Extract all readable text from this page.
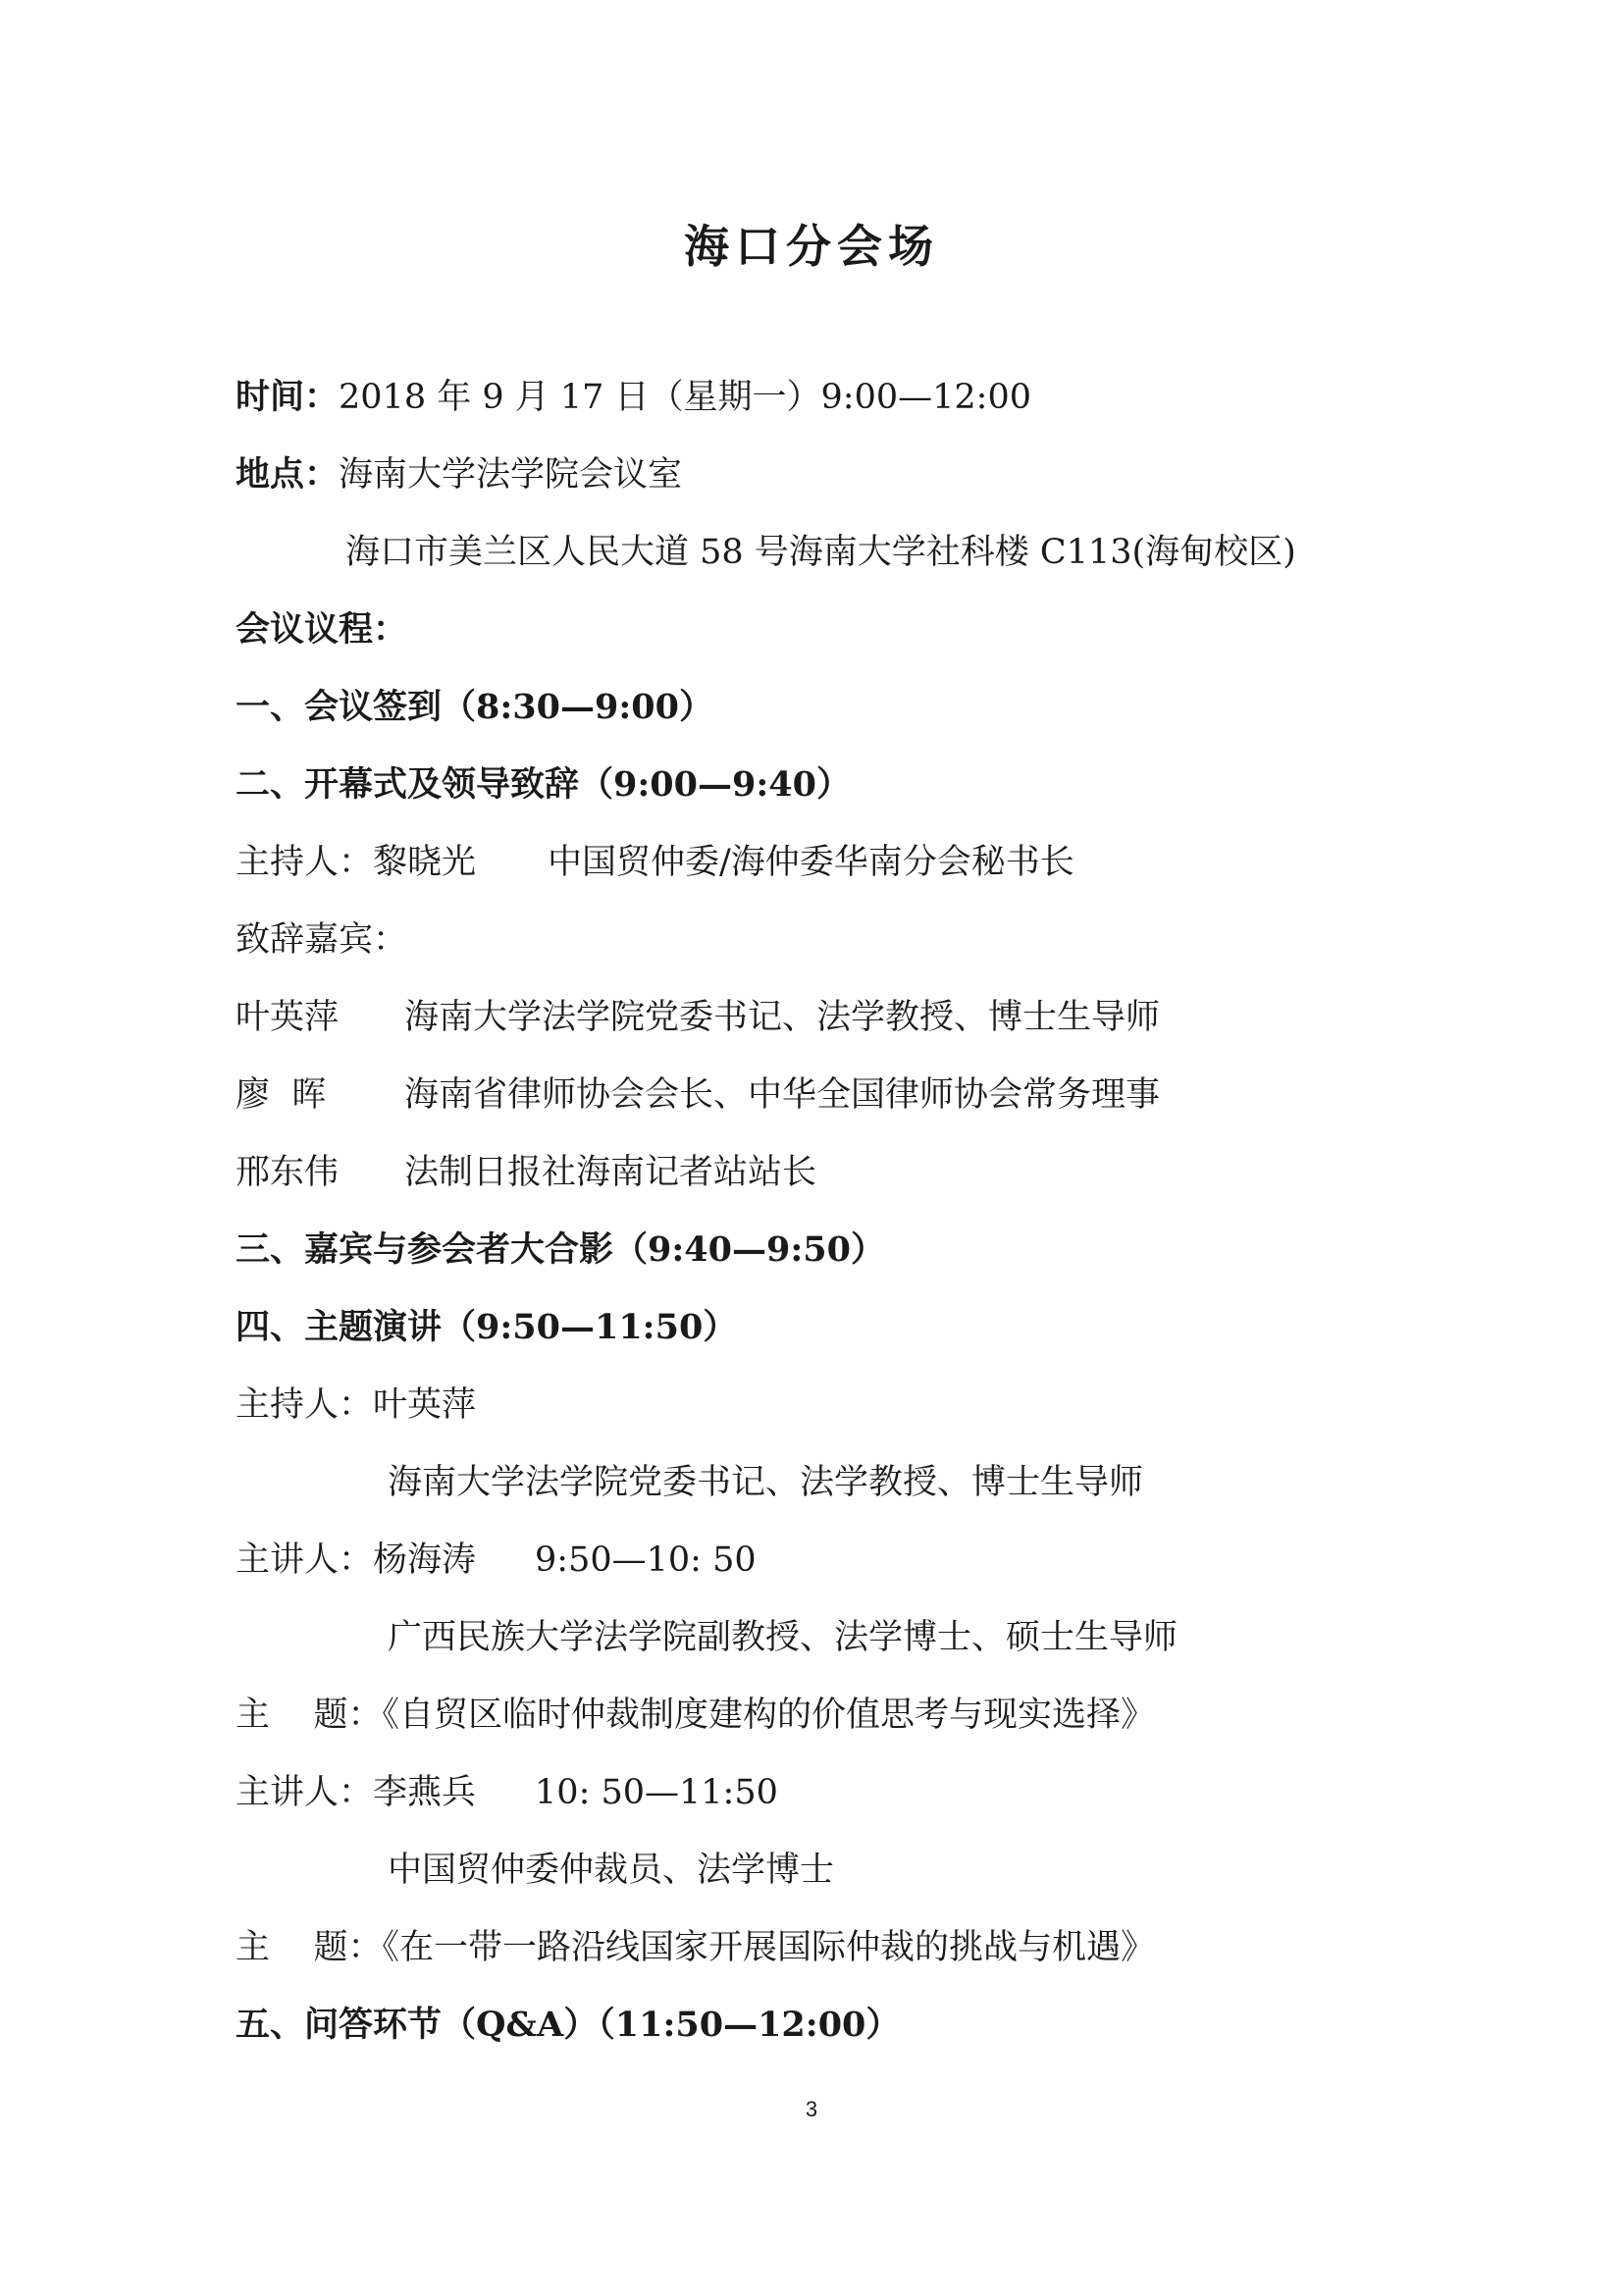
海口分会场
时间：2018 年 9 月 17 日（星期一）9:00—12:00
地点：海南大学法学院会议室
海口市美兰区人民大道 58 号海南大学社科楼 C113(海甸校区)
会议议程：
一、会议签到（8:30—9:00）
二、开幕式及领导致辞（9:00—9:40）
主持人：黎晓光 中国贸仲委/海仲委华南分会秘书长
致辞嘉宾：
叶英萍 海南大学法学院党委书记、法学教授、博士生导师
廖  晖 海南省律师协会会长、中华全国律师协会常务理事
邢东伟 法制日报社海南记者站站长
三、嘉宾与参会者大合影（9:40—9:50）
四、主题演讲（9:50—11:50）
主持人：叶英萍
海南大学法学院党委书记、法学教授、博士生导师
主讲人：杨海涛 9:50—10: 50
广西民族大学法学院副教授、法学博士、硕士生导师
主    题：《自贸区临时仲裁制度建构的价值思考与现实选择》
主讲人：李燕兵 10: 50—11:50
中国贸仲委仲裁员、法学博士
主    题：《在一带一路沿线国家开展国际仲裁的挑战与机遇》
五、问答环节（Q&A）（11:50—12:00）
3
